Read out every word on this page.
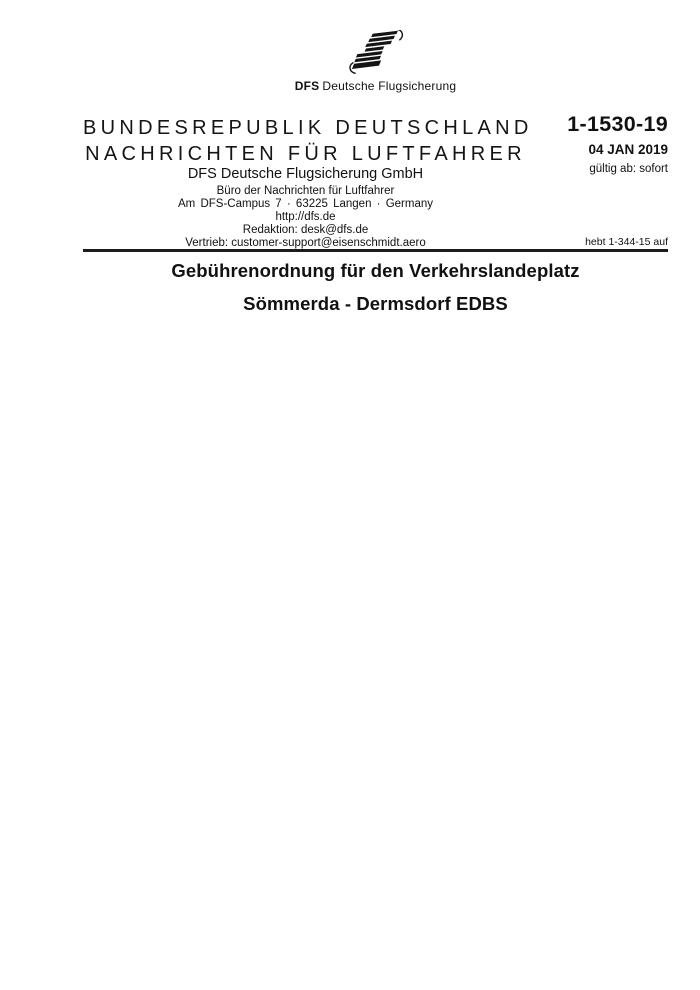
DFS Deutsche Flugsicherung
BUNDESREPUBLIK DEUTSCHLAND
NACHRICHTEN FÜR LUFTFAHRER
1-1530-19
04 JAN 2019
gültig ab: sofort
DFS Deutsche Flugsicherung GmbH
Büro der Nachrichten für Luftfahrer
Am DFS-Campus 7 · 63225 Langen · Germany
http://dfs.de
Redaktion: desk@dfs.de
Vertrieb: customer-support@eisenschmidt.aero	hebt 1-344-15 auf
Gebührenordnung für den Verkehrslandeplatz
Sömmerda - Dermsdorf EDBS
